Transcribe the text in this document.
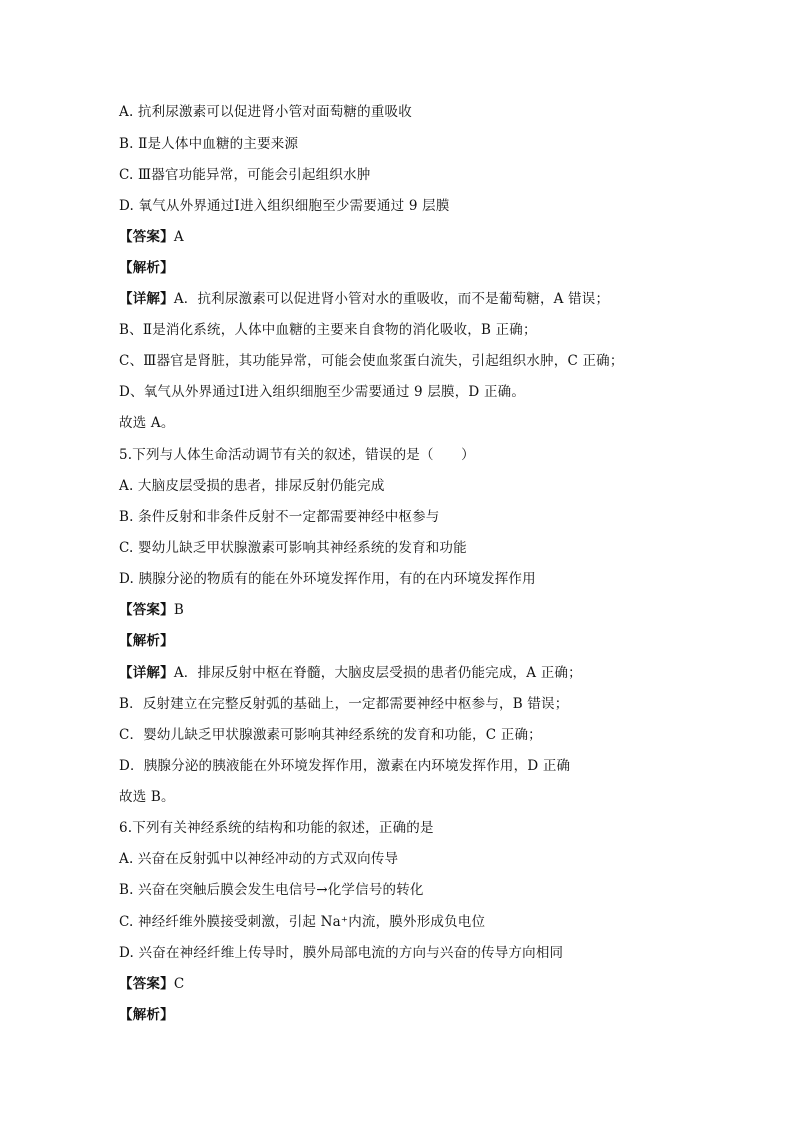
A. 抗利尿激素可以促进肾小管对面萄糖的重吸收
B. Ⅱ是人体中血糖的主要来源
C. Ⅲ器官功能异常，可能会引起组织水肿
D. 氧气从外界通过Ⅰ进入组织细胞至少需要通过 9 层膜
【答案】A
【解析】
【详解】A．抗利尿激素可以促进肾小管对水的重吸收，而不是葡萄糖，A 错误；
B、Ⅱ是消化系统，人体中血糖的主要来自食物的消化吸收，B 正确；
C、Ⅲ器官是肾脏，其功能异常，可能会使血浆蛋白流失，引起组织水肿，C 正确；
D、氧气从外界通过Ⅰ进入组织细胞至少需要通过 9 层膜，D 正确。
故选 A。
5.下列与人体生命活动调节有关的叙述，错误的是（　　）
A. 大脑皮层受损的患者，排尿反射仍能完成
B. 条件反射和非条件反射不一定都需要神经中枢参与
C. 婴幼儿缺乏甲状腺激素可影响其神经系统的发育和功能
D. 胰腺分泌的物质有的能在外环境发挥作用，有的在内环境发挥作用
【答案】B
【解析】
【详解】A．排尿反射中枢在脊髓，大脑皮层受损的患者仍能完成，A 正确；
B．反射建立在完整反射弧的基础上，一定都需要神经中枢参与，B 错误；
C．婴幼儿缺乏甲状腺激素可影响其神经系统的发育和功能，C 正确；
D．胰腺分泌的胰液能在外环境发挥作用，激素在内环境发挥作用，D 正确
故选 B。
6.下列有关神经系统的结构和功能的叙述，正确的是
A. 兴奋在反射弧中以神经冲动的方式双向传导
B. 兴奋在突触后膜会发生电信号→化学信号的转化
C. 神经纤维外膜接受刺激，引起 Na⁺内流，膜外形成负电位
D. 兴奋在神经纤维上传导时，膜外局部电流的方向与兴奋的传导方向相同
【答案】C
【解析】
